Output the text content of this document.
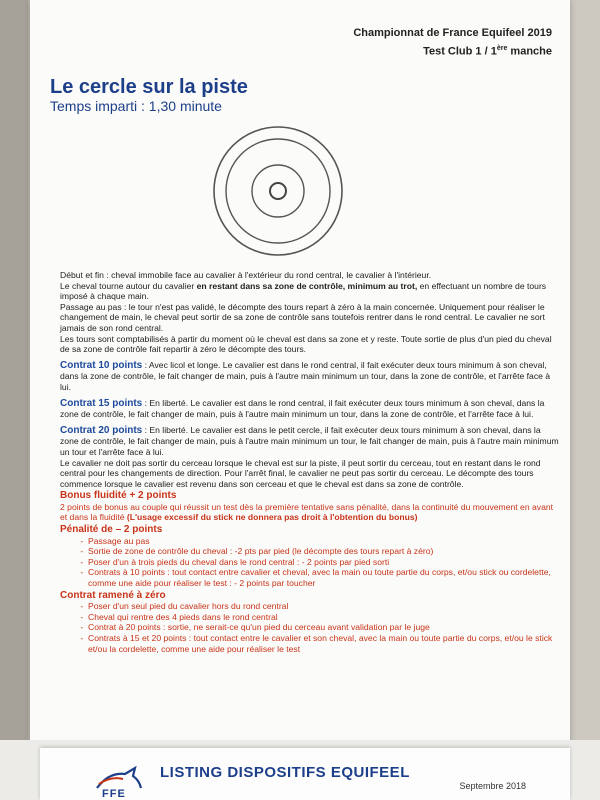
Championnat de France Equifeel 2019
Test Club 1 / 1ère manche
Le cercle sur la piste
Temps imparti : 1,30 minute

Début et fin : cheval immobile face au cavalier à l'extérieur du rond central, le cavalier à l'intérieur.

Le cheval tourne autour du cavalier en restant dans sa zone de contrôle, minimum au trot, en effectuant un nombre de tours imposé à chaque main.

Passage au pas : le tour n'est pas validé, le décompte des tours repart à zéro à la main concernée. Uniquement pour réaliser le changement de main, le cheval peut sortir de sa zone de contrôle sans toutefois rentrer dans le rond central. Le cavalier ne sort jamais de son rond central.

Les tours sont comptabilisés à partir du moment où le cheval est dans sa zone et y reste. Toute sortie de plus d'un pied du cheval de sa zone de contrôle fait repartir à zéro le décompte des tours.

Contrat 10 points : Avec licol et longe. Le cavalier est dans le rond central, il fait exécuter deux tours minimum à son cheval, dans la zone de contrôle, le fait changer de main, puis à l'autre main minimum un tour, dans la zone de contrôle, et l'arrête face à lui.

Contrat 15 points : En liberté. Le cavalier est dans le rond central, il fait exécuter deux tours minimum à son cheval, dans la zone de contrôle, le fait changer de main, puis à l'autre main minimum un tour, dans la zone de contrôle, et l'arrête face à lui.

Contrat 20 points : En liberté. Le cavalier est dans le petit cercle, il fait exécuter deux tours minimum à son cheval, dans la zone de contrôle, le fait changer de main, puis à l'autre main minimum un tour, le fait changer de main, puis à l'autre main minimum un tour et l'arrête face à lui.

Le cavalier ne doit pas sortir du cerceau lorsque le cheval est sur la piste, il peut sortir du cerceau, tout en restant dans le rond central pour les changements de direction. Pour l'arrêt final, le cavalier ne peut pas sortir du cerceau. Le décompte des tours commence lorsque le cavalier est revenu dans son cerceau et que le cheval est dans sa zone de contrôle.

Bonus fluidité + 2 points

2 points de bonus au couple qui réussit un test dès la première tentative sans pénalité, dans la continuité du mouvement en avant et dans la fluidité (L'usage excessif du stick ne donnera pas droit à l'obtention du bonus)

Pénalité de – 2 points
- Passage au pas
- Sortie de zone de contrôle du cheval : -2 pts par pied (le décompte des tours repart à zéro)
- Poser d'un à trois pieds du cheval dans le rond central : - 2 points par pied sorti
- Contrats à 10 points : tout contact entre cavalier et cheval, avec la main ou toute partie du corps, et/ou stick ou cordelette, comme une aide pour réaliser le test : - 2 points par toucher
Contrat ramené à zéro
- Poser d'un seul pied du cavalier hors du rond central
- Cheval qui rentre des 4 pieds dans le rond central
- Contrat à 20 points : sortie, ne serait-ce qu'un pied du cerceau avant validation par le juge
- Contrats à 15 et 20 points : tout contact entre le cavalier et son cheval, avec la main ou toute partie du corps, et/ou le stick et/ou la cordelette, comme une aide pour réaliser le test
FFE
LISTING DISPOSITIFS EQUIFEEL
Septembre 2018
